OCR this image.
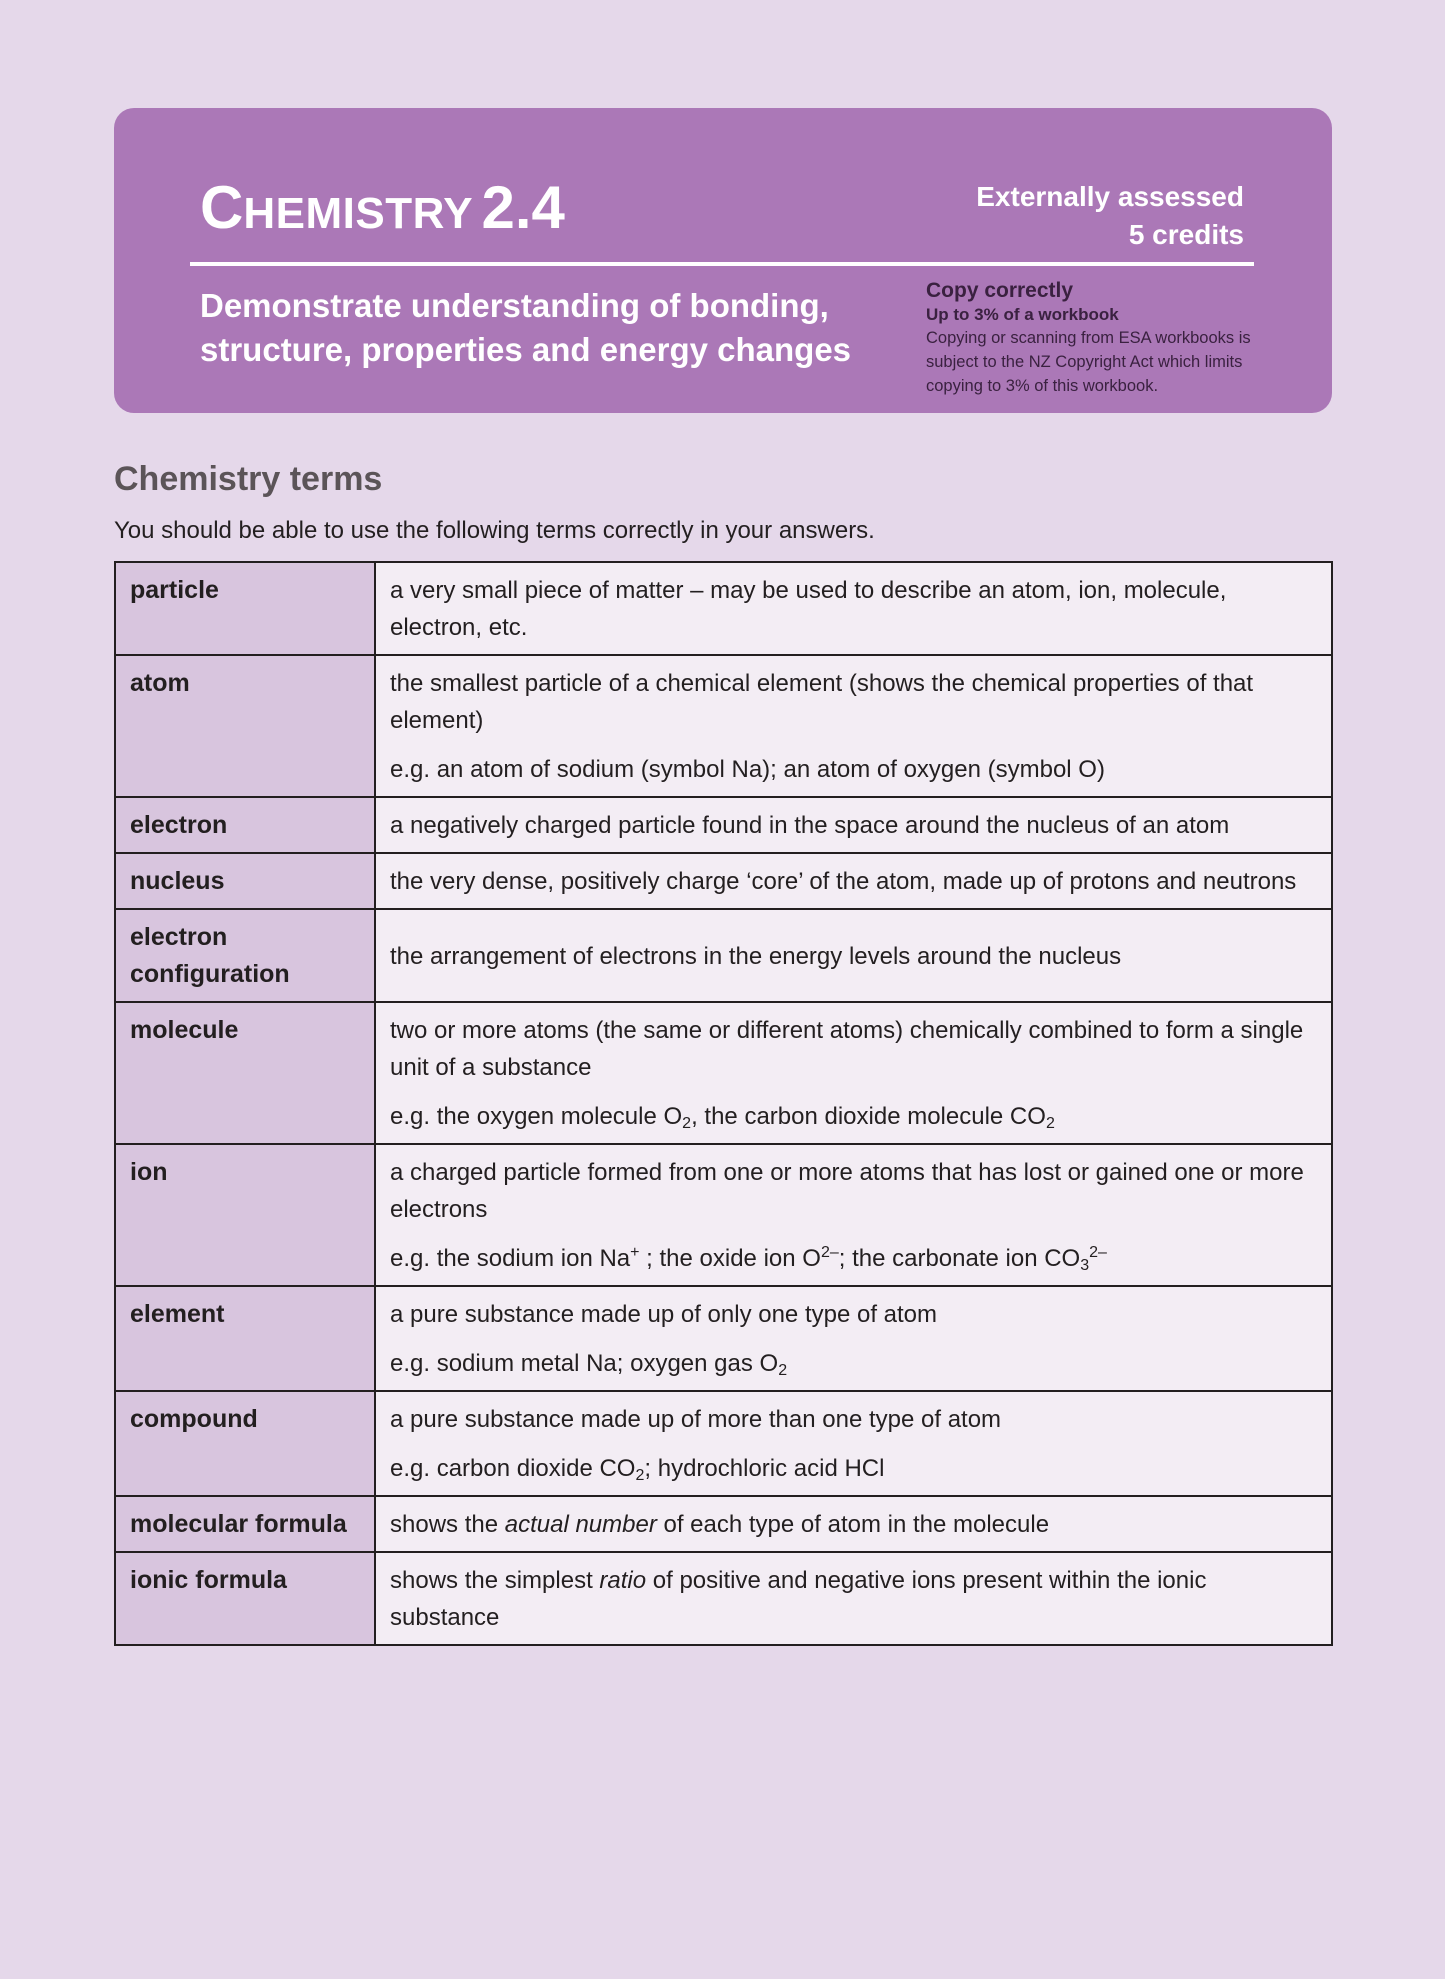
CHEMISTRY 2.4	Externally assessed
5 credits
Demonstrate understanding of bonding,
structure, properties and energy changes
Copy correctly
Up to 3% of a workbook
Copying or scanning from ESA workbooks is
subject to the NZ Copyright Act which limits
copying to 3% of this workbook.
Chemistry terms

You should be able to use the following terms correctly in your answers.

particle	a very small piece of matter – may be used to describe an atom, ion, molecule, electron, etc.

atom	the smallest particle of a chemical element (shows the chemical properties of that element)

e.g. an atom of sodium (symbol Na); an atom of oxygen (symbol O)

electron	a negatively charged particle found in the space around the nucleus of an atom

nucleus	the very dense, positively charge ‘core’ of the atom, made up of protons and neutrons

electron
configuration	the arrangement of electrons in the energy levels around the nucleus

molecule	two or more atoms (the same or different atoms) chemically combined to form a single unit of a substance

e.g. the oxygen molecule $O_2$, the carbon dioxide molecule $CO_2$

ion	a charged particle formed from one or more atoms that has lost or gained one or more electrons

e.g. the sodium ion Na+ ; the oxide ion $O^{2-}$; the carbonate ion $CO_3^{2-}$

element	a pure substance made up of only one type of atom

e.g. sodium metal Na; oxygen gas $O_2$

compound	a pure substance made up of more than one type of atom

e.g. carbon dioxide $CO_2$; hydrochloric acid HCl

molecular formula	shows the actual number of each type of atom in the molecule

ionic formula	shows the simplest ratio of positive and negative ions present within the ionic substance
